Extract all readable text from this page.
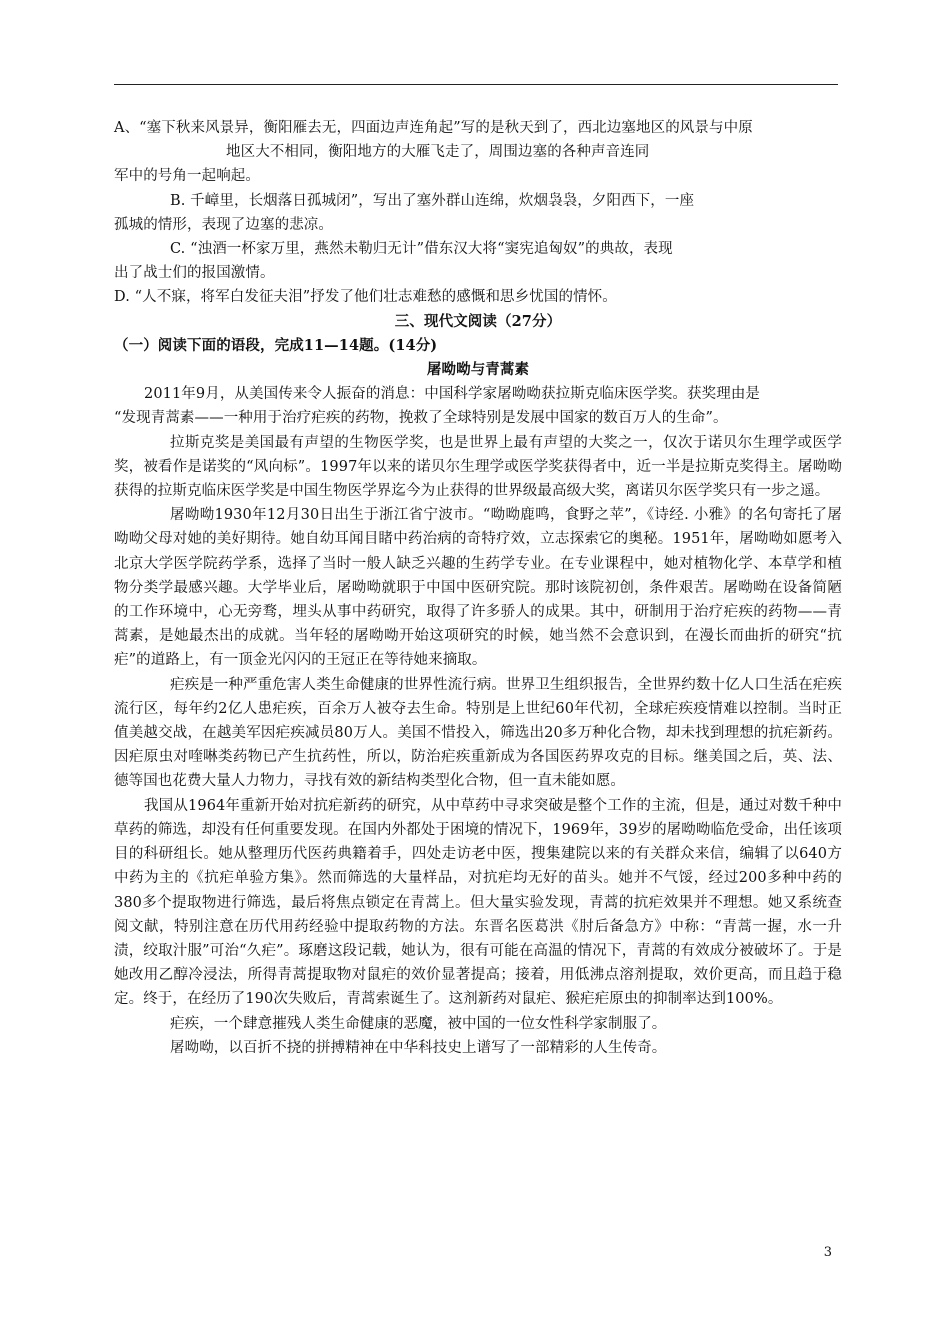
A、“塞下秋来风景异，衡阳雁去无，四面边声连角起”写的是秋天到了，西北边塞地区的风景与中原

地区大不相同，衡阳地方的大雁飞走了，周围边塞的各种声音连同

军中的号角一起响起。

B. 千嶂里，长烟落日孤城闭”，写出了塞外群山连绵，炊烟袅袅，夕阳西下，一座

孤城的情形，表现了边塞的悲凉。

C. “浊酒一杯家万里，燕然未勒归无计”借东汉大将“窦宪追匈奴”的典故，表现

出了战士们的报国激情。

D. “人不寐，将军白发征夫泪”抒发了他们壮志难愁的感慨和思乡忧国的情怀。

三、现代文阅读（27分）

（一）阅读下面的语段，完成11—14题。(14分)

屠呦呦与青蒿素

2011年9月，从美国传来令人振奋的消息：中国科学家屠呦呦获拉斯克临床医学奖。获奖理由是

“发现青蒿素——一种用于治疗疟疾的药物，挽救了全球特别是发展中国家的数百万人的生命”。

拉斯克奖是美国最有声望的生物医学奖，也是世界上最有声望的大奖之一，仅次于诺贝尔生理学或医学奖，被看作是诺奖的“风向标”。1997年以来的诺贝尔生理学或医学奖获得者中，近一半是拉斯克奖得主。屠呦呦获得的拉斯克临床医学奖是中国生物医学界迄今为止获得的世界级最高级大奖，离诺贝尔医学奖只有一步之遥。

屠呦呦1930年12月30日出生于浙江省宁波市。“呦呦鹿鸣，食野之苹”，《诗经. 小雅》的名句寄托了屠呦呦父母对她的美好期待。她自幼耳闻目睹中药治病的奇特疗效，立志探索它的奥秘。1951年，屠呦呦如愿考入北京大学医学院药学系，选择了当时一般人缺乏兴趣的生药学专业。在专业课程中，她对植物化学、本草学和植物分类学最感兴趣。大学毕业后，屠呦呦就职于中国中医研究院。那时该院初创，条件艰苦。屠呦呦在设备简陋的工作环境中，心无旁骛，埋头从事中药研究，取得了许多骄人的成果。其中，研制用于治疗疟疾的药物——青蒿素，是她最杰出的成就。当年轻的屠呦呦开始这项研究的时候，她当然不会意识到，在漫长而曲折的研究“抗疟”的道路上，有一顶金光闪闪的王冠正在等待她来摘取。

疟疾是一种严重危害人类生命健康的世界性流行病。世界卫生组织报告，全世界约数十亿人口生活在疟疾流行区，每年约2亿人患疟疾，百余万人被夺去生命。特别是上世纪60年代初，全球疟疾疫情难以控制。当时正值美越交战，在越美军因疟疾减员80万人。美国不惜投入，筛选出20多万种化合物，却未找到理想的抗疟新药。因疟原虫对喹啉类药物已产生抗药性，所以，防治疟疾重新成为各国医药界攻克的目标。继美国之后，英、法、德等国也花费大量人力物力，寻找有效的新结构类型化合物，但一直未能如愿。

我国从1964年重新开始对抗疟新药的研究，从中草药中寻求突破是整个工作的主流，但是，通过对数千种中草药的筛选，却没有任何重要发现。在国内外都处于困境的情况下，1969年，39岁的屠呦呦临危受命，出任该项目的科研组长。她从整理历代医药典籍着手，四处走访老中医，搜集建院以来的有关群众来信，编辑了以640方中药为主的《抗疟单验方集》。然而筛选的大量样品，对抗疟均无好的苗头。她并不气馁，经过200多种中药的380多个提取物进行筛选，最后将焦点锁定在青蒿上。但大量实验发现，青蒿的抗疟效果并不理想。她又系统查阅文献，特别注意在历代用药经验中提取药物的方法。东晋名医葛洪《肘后备急方》中称：“青蒿一握，水一升渍，绞取汁服”可治“久疟”。琢磨这段记载，她认为，很有可能在高温的情况下，青蒿的有效成分被破坏了。于是她改用乙醇冷浸法，所得青蒿提取物对鼠疟的效价显著提高；接着，用低沸点溶剂提取，效价更高，而且趋于稳定。终于，在经历了190次失败后，青蒿索诞生了。这剂新药对鼠疟、猴疟疟原虫的抑制率达到100%。

疟疾，一个肆意摧残人类生命健康的恶魔，被中国的一位女性科学家制服了。

屠呦呦，以百折不挠的拼搏精神在中华科技史上谱写了一部精彩的人生传奇。

3
